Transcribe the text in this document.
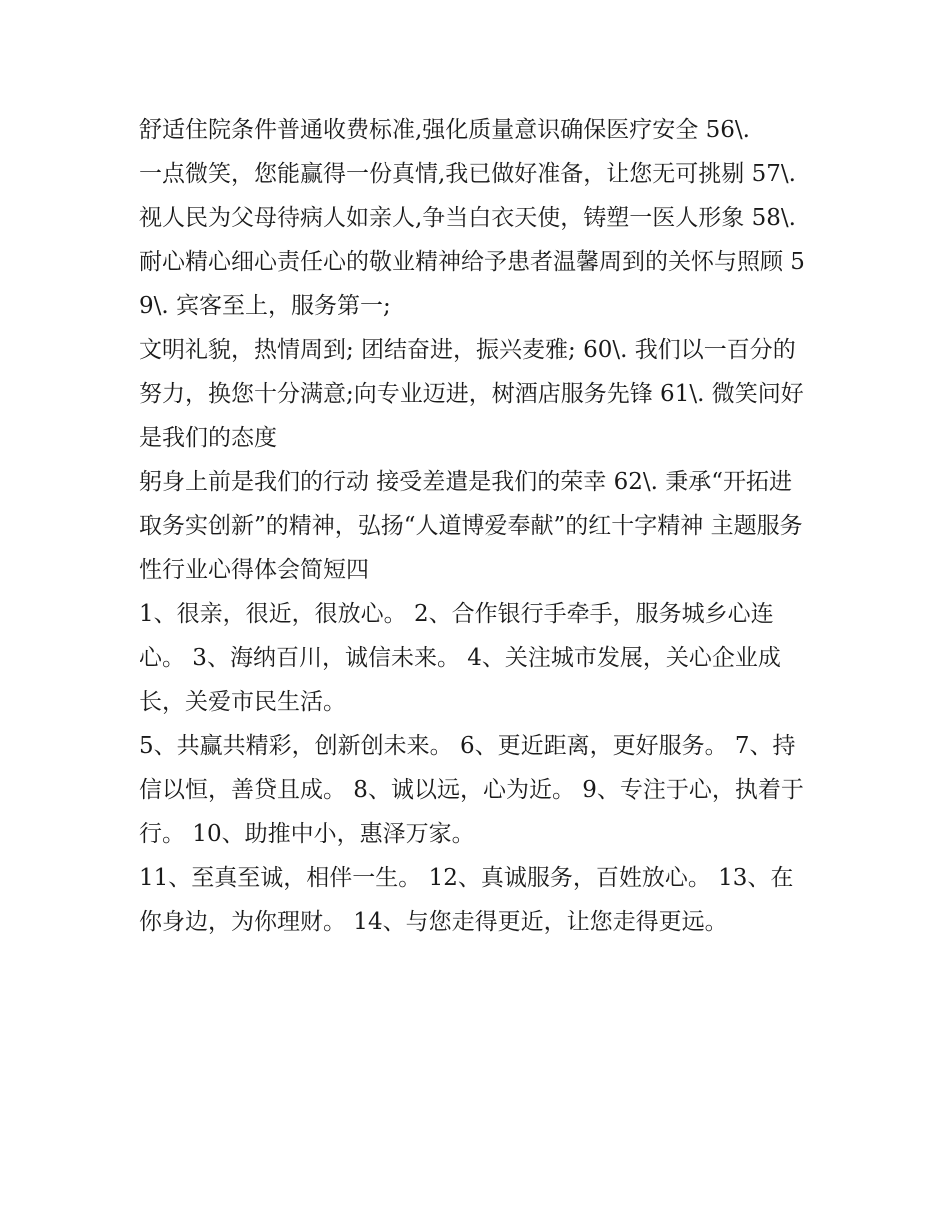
舒适住院条件普通收费标准,强化质量意识确保医疗安全 56\.

一点微笑，您能赢得一份真情,我已做好准备，让您无可挑剔 57\.

视人民为父母待病人如亲人,争当白衣天使，铸塑一医人形象 58\. 耐心精心细心责任心的敬业精神给予患者温馨周到的关怀与照顾 59\. 宾客至上，服务第一;

文明礼貌，热情周到; 团结奋进，振兴麦雅; 60\. 我们以一百分的努力，换您十分满意;向专业迈进，树酒店服务先锋 61\. 微笑问好是我们的态度

躬身上前是我们的行动 接受差遣是我们的荣幸 62\. 秉承“开拓进取务实创新”的精神，弘扬“人道博爱奉献”的红十字精神 主题服务性行业心得体会简短四

1、很亲，很近，很放心。 2、合作银行手牵手，服务城乡心连心。 3、海纳百川，诚信未来。 4、关注城市发展，关心企业成长，关爱市民生活。

5、共赢共精彩，创新创未来。 6、更近距离，更好服务。 7、持信以恒，善贷且成。 8、诚以远，心为近。 9、专注于心，执着于行。 10、助推中小，惠泽万家。

11、至真至诚，相伴一生。 12、真诚服务，百姓放心。 13、在你身边，为你理财。 14、与您走得更近，让您走得更远。
